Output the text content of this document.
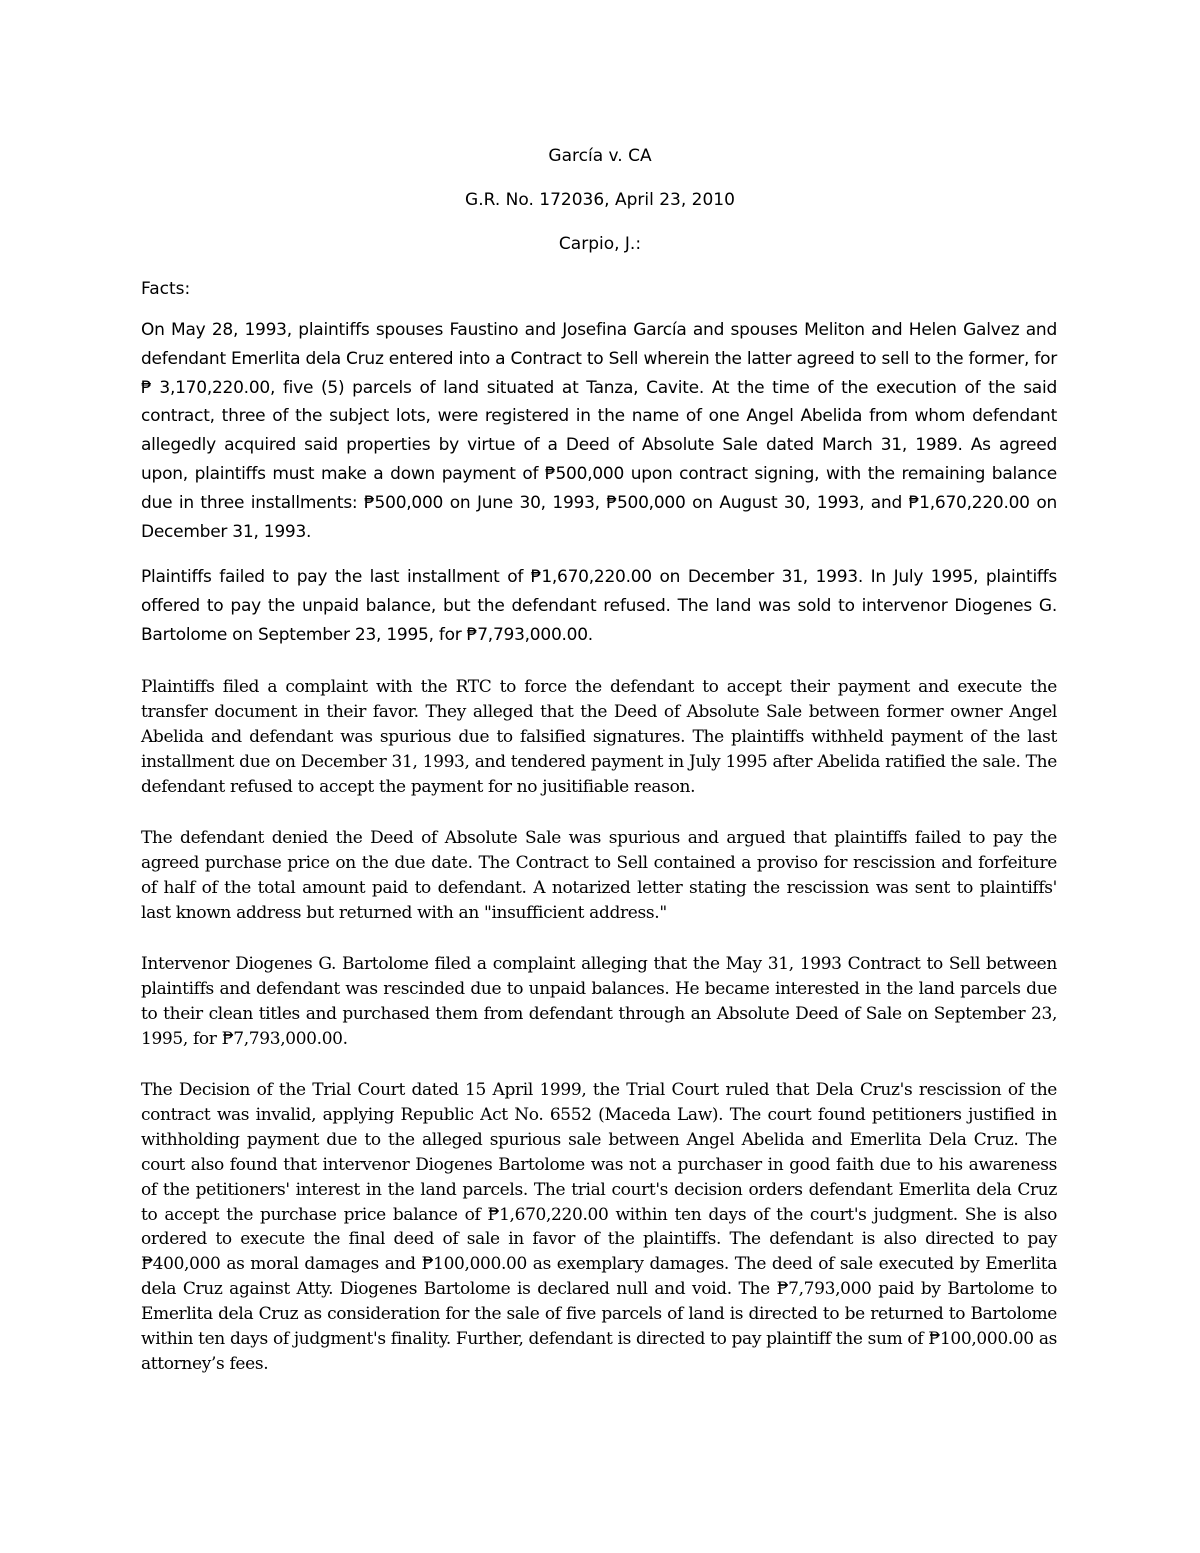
García v. CA
G.R. No. 172036, April 23, 2010
Carpio, J.:
Facts:

On May 28, 1993, plaintiffs spouses Faustino and Josefina García and spouses Meliton and Helen Galvez and defendant Emerlita dela Cruz entered into a Contract to Sell wherein the latter agreed to sell to the former, for ₱ 3,170,220.00, five (5) parcels of land situated at Tanza, Cavite. At the time of the execution of the said contract, three of the subject lots, were registered in the name of one Angel Abelida from whom defendant allegedly acquired said properties by virtue of a Deed of Absolute Sale dated March 31, 1989. As agreed upon, plaintiffs must make a down payment of ₱500,000 upon contract signing, with the remaining balance due in three installments: ₱500,000 on June 30, 1993, ₱500,000 on August 30, 1993, and ₱1,670,220.00 on December 31, 1993.

Plaintiffs failed to pay the last installment of ₱1,670,220.00 on December 31, 1993. In July 1995, plaintiffs offered to pay the unpaid balance, but the defendant refused. The land was sold to intervenor Diogenes G. Bartolome on September 23, 1995, for ₱7,793,000.00.

Plaintiffs filed a complaint with the RTC to force the defendant to accept their payment and execute the transfer document in their favor. They alleged that the Deed of Absolute Sale between former owner Angel Abelida and defendant was spurious due to falsified signatures. The plaintiffs withheld payment of the last installment due on December 31, 1993, and tendered payment in July 1995 after Abelida ratified the sale. The defendant refused to accept the payment for no jusitifiable reason.

The defendant denied the Deed of Absolute Sale was spurious and argued that plaintiffs failed to pay the agreed purchase price on the due date. The Contract to Sell contained a proviso for rescission and forfeiture of half of the total amount paid to defendant. A notarized letter stating the rescission was sent to plaintiffs' last known address but returned with an "insufficient address."

Intervenor Diogenes G. Bartolome filed a complaint alleging that the May 31, 1993 Contract to Sell between plaintiffs and defendant was rescinded due to unpaid balances. He became interested in the land parcels due to their clean titles and purchased them from defendant through an Absolute Deed of Sale on September 23, 1995, for ₱7,793,000.00.

The Decision of the Trial Court dated 15 April 1999, the Trial Court ruled that Dela Cruz's rescission of the contract was invalid, applying Republic Act No. 6552 (Maceda Law). The court found petitioners justified in withholding payment due to the alleged spurious sale between Angel Abelida and Emerlita Dela Cruz. The court also found that intervenor Diogenes Bartolome was not a purchaser in good faith due to his awareness of the petitioners' interest in the land parcels. The trial court's decision orders defendant Emerlita dela Cruz to accept the purchase price balance of ₱1,670,220.00 within ten days of the court's judgment. She is also ordered to execute the final deed of sale in favor of the plaintiffs. The defendant is also directed to pay ₱400,000 as moral damages and ₱100,000.00 as exemplary damages. The deed of sale executed by Emerlita dela Cruz against Atty. Diogenes Bartolome is declared null and void. The ₱7,793,000 paid by Bartolome to Emerlita dela Cruz as consideration for the sale of five parcels of land is directed to be returned to Bartolome within ten days of judgment's finality. Further, defendant is directed to pay plaintiff the sum of ₱100,000.00 as attorney’s fees.
